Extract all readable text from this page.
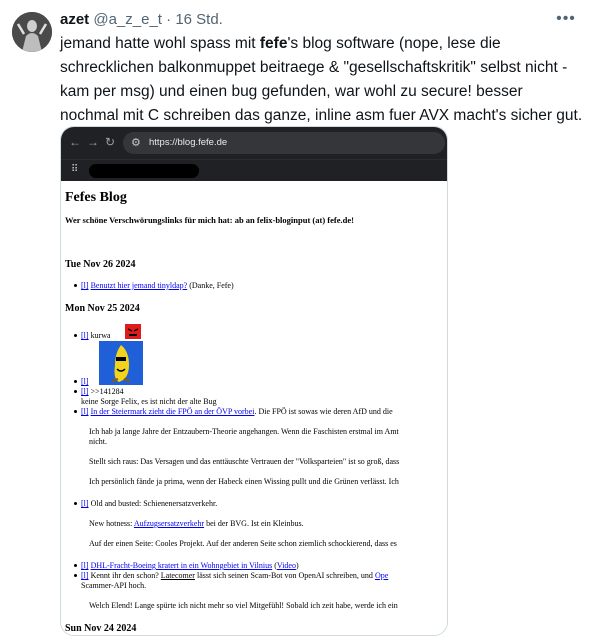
azet @a_z_e_t · 16 Std.	•••
jemand hatte wohl spass mit fefe's blog software (nope, lese die
schrecklichen balkonmuppet beitraege & "gesellschaftskritik" selbst nicht -
kam per msg) und einen bug gefunden, war wohl zu secure! besser
nochmal mit C schreiben das ganze, inline asm fuer AVX macht's sicher gut.
← → ↻ ⚙ https://blog.fefe.de
⠿
Fefes Blog
Wer schöne Verschwörungslinks für mich hat: ab an felix-bloginput (at) fefe.de!
Tue Nov 26 2024
[l] Benutzt hier jemand tinyldap? (Danke, Fefe)
Mon Nov 25 2024
[l] kurwa
[l]
[l] >>141284
keine Sorge Felix, es ist nicht der alte Bug
[l] In der Steiermark zieht die FPÖ an der ÖVP vorbei. Die FPÖ ist sowas wie deren AfD und die
Ich hab ja lange Jahre der Entzaubern-Theorie angehangen. Wenn die Faschisten erstmal im Amt
nicht.
Stellt sich raus: Das Versagen und das enttäuschte Vertrauen der "Volksparteien" ist so groß, dass
Ich persönlich fände ja prima, wenn der Habeck einen Wissing pullt und die Grünen verlässt. Ich
[l] Old and busted: Schienenersatzverkehr.
New hotness: Aufzugsersatzverkehr bei der BVG. Ist ein Kleinbus.
Auf der einen Seite: Cooles Projekt. Auf der anderen Seite schon ziemlich schockierend, dass es
[l] DHL-Fracht-Boeing kratert in ein Wohngebiet in Vilnius (Video)
[l] Kennt ihr den schon? Latecomer lässt sich seinen Scam-Bot von OpenAI schreiben, und Ope
Scammer-API hoch.
Welch Elend! Lange spürte ich nicht mehr so viel Mitgefühl! Sobald ich zeit habe, werde ich ein
Sun Nov 24 2024
